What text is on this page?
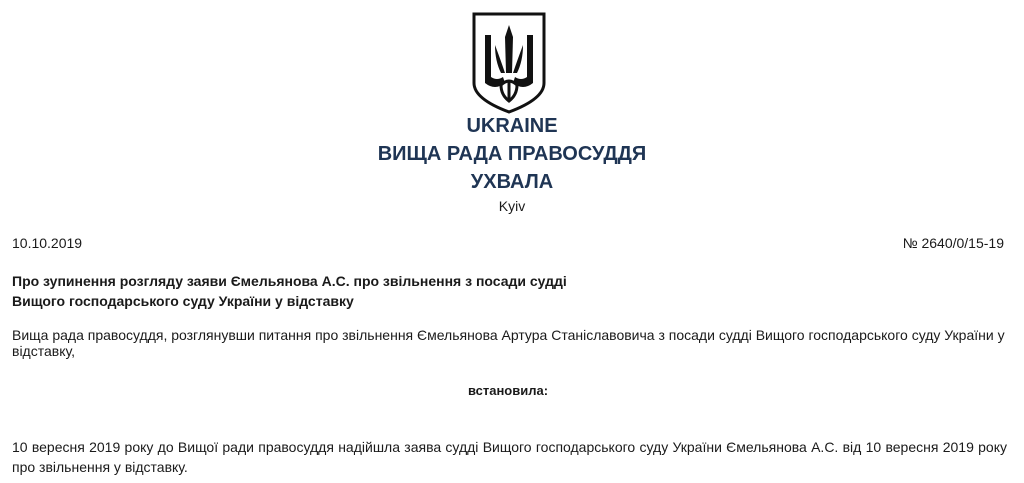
UKRAINE
ВИЩА РАДА ПРАВОСУДДЯ
УХВАЛА
Kyiv
10.10.2019	№ 2640/0/15-19
Про зупинення розгляду заяви Ємельянова А.С. про звільнення з посади судді
Вищого господарського суду України у відставку
Вища рада правосуддя, розглянувши питання про звільнення Ємельянова Артура Станіславовича з посади судді Вищого господарського суду України у відставку,
встановила:
10 вересня 2019 року до Вищої ради правосуддя надійшла заява судді Вищого господарського суду України Ємельянова А.С. від 10 вересня 2019 року про звільнення у відставку.
